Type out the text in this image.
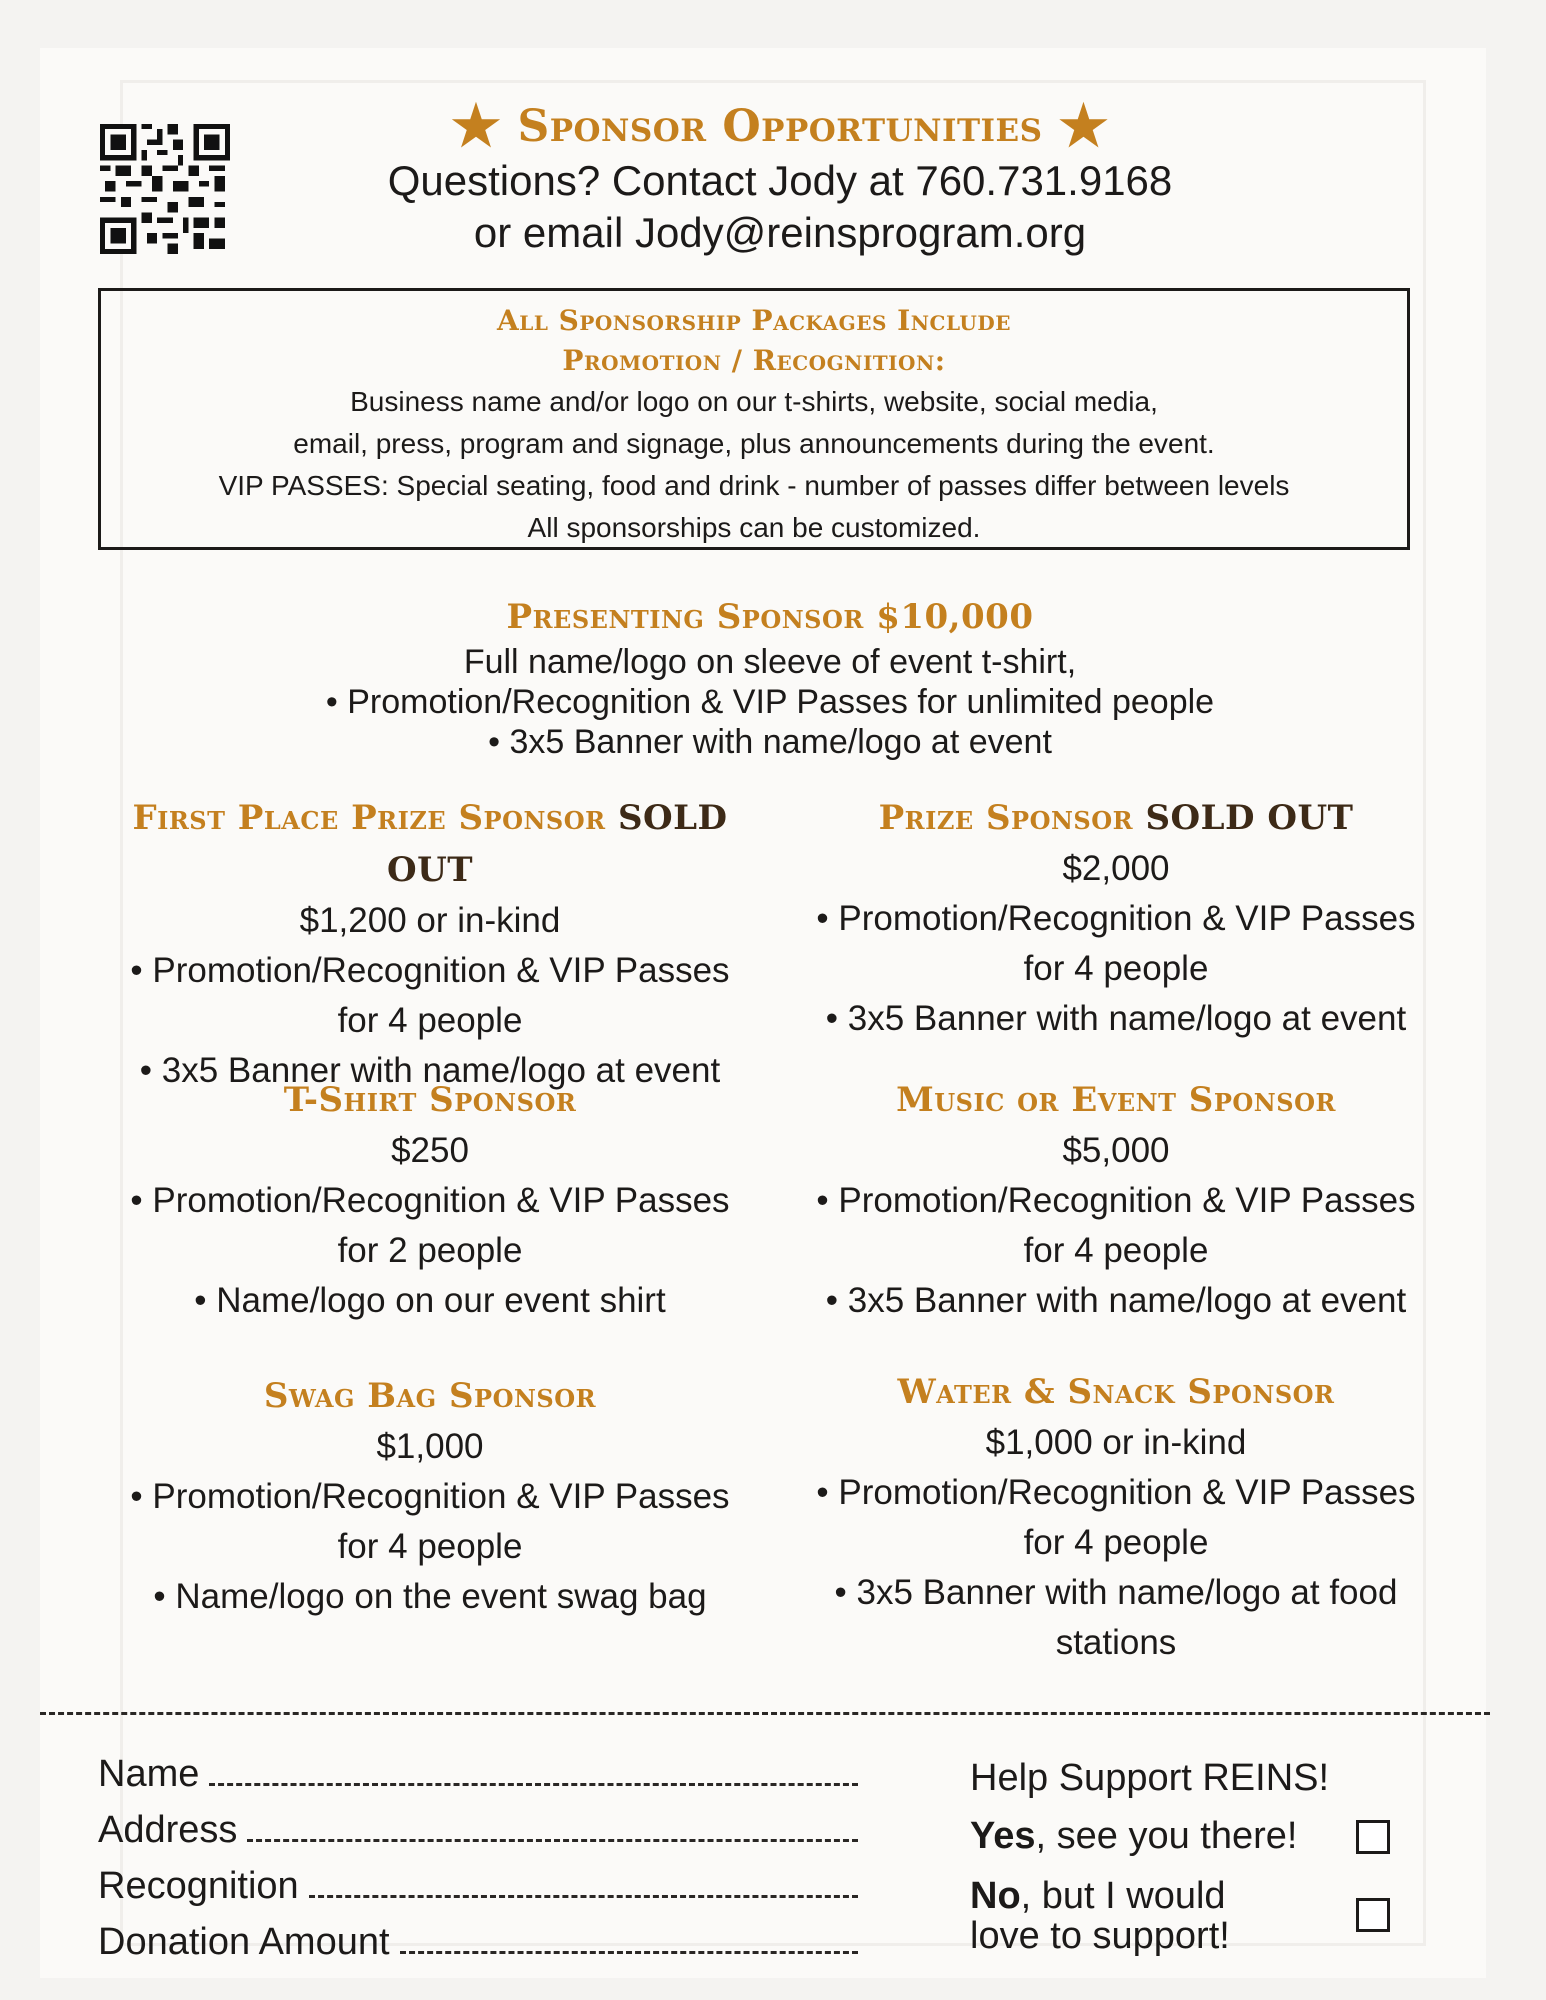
★ Sponsor Opportunities ★
Questions? Contact Jody at 760.731.9168
or email Jody@reinsprogram.org
All Sponsorship Packages Include
Promotion / Recognition:
Business name and/or logo on our t-shirts, website, social media,
email, press, program and signage, plus announcements during the event.
VIP PASSES: Special seating, food and drink - number of passes differ between levels
All sponsorships can be customized.
Presenting Sponsor $10,000
Full name/logo on sleeve of event t-shirt,
• Promotion/Recognition & VIP Passes for unlimited people
• 3x5 Banner with name/logo at event
First Place Prize Sponsor SOLD OUT
$1,200 or in-kind
• Promotion/Recognition & VIP Passes
for 4 people
• 3x5 Banner with name/logo at event
Prize Sponsor SOLD OUT
$2,000
• Promotion/Recognition & VIP Passes
for 4 people
• 3x5 Banner with name/logo at event
T-Shirt Sponsor
$250
• Promotion/Recognition & VIP Passes
for 2 people
• Name/logo on our event shirt
Music or Event Sponsor
$5,000
• Promotion/Recognition & VIP Passes
for 4 people
• 3x5 Banner with name/logo at event
Swag Bag Sponsor
$1,000
• Promotion/Recognition & VIP Passes
for 4 people
• Name/logo on the event swag bag
Water & Snack Sponsor
$1,000 or in-kind
• Promotion/Recognition & VIP Passes
for 4 people
• 3x5 Banner with name/logo at food
stations
Name
Address
Recognition
Donation Amount
Help Support REINS!
Yes, see you there!
No, but I would
love to support!
